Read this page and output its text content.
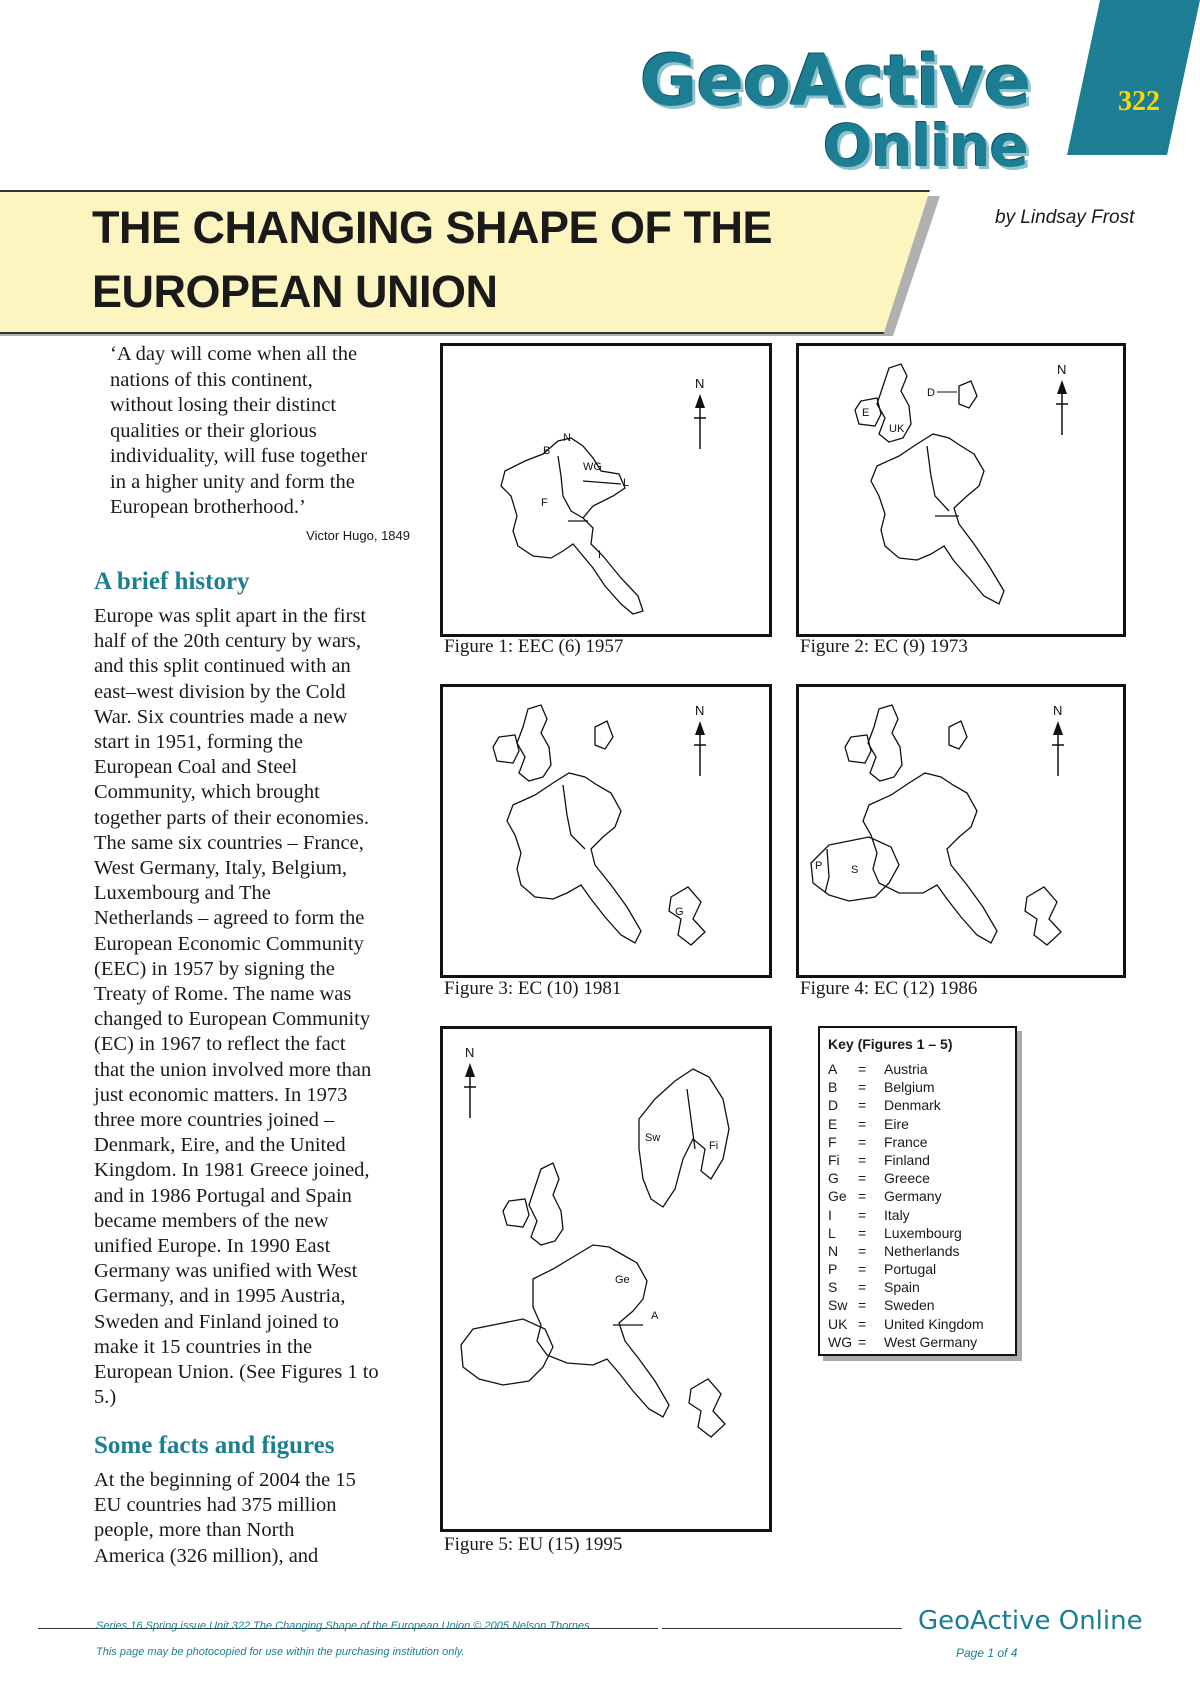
322
GeoActive
Online
THE CHANGING SHAPE OF THE
EUROPEAN UNION
by Lindsay Frost
‘A day will come when all the
nations of this continent,
without losing their distinct
qualities or their glorious
individuality, will fuse together
in a higher unity and form the
European brotherhood.’
Victor Hugo, 1849
A brief history
Europe was split apart in the first
half of the 20th century by wars,
and this split continued with an
east–west division by the Cold
War. Six countries made a new
start in 1951, forming the
European Coal and Steel
Community, which brought
together parts of their economies.
The same six countries – France,
West Germany, Italy, Belgium,
Luxembourg and The
Netherlands – agreed to form the
European Economic Community
(EEC) in 1957 by signing the
Treaty of Rome. The name was
changed to European Community
(EC) in 1967 to reflect the fact
that the union involved more than
just economic matters. In 1973
three more countries joined –
Denmark, Eire, and the United
Kingdom. In 1981 Greece joined,
and in 1986 Portugal and Spain
became members of the new
unified Europe. In 1990 East
Germany was unified with West
Germany, and in 1995 Austria,
Sweden and Finland joined to
make it 15 countries in the
European Union. (See Figures 1 to
5.)
Some facts and figures
At the beginning of 2004 the 15
EU countries had 375 million
people, more than North
America (326 million), and
N
B
WG
L
F
I
N
Figure 1: EEC (6) 1957
D
E
UK
N
Figure 2: EC (9) 1973
G
N
Figure 3: EC (10) 1981
P	S
N
Figure 4: EC (12) 1986
Sw
Fi
Ge
A
N
Figure 5: EU (15) 1995
Key (Figures 1 – 5)
A = Austria
B = Belgium
D = Denmark
E = Eire
F = France
Fi = Finland
G = Greece
Ge = Germany
I = Italy
L = Luxembourg
N = Netherlands
P = Portugal
S = Spain
Sw = Sweden
UK = United Kingdom
WG = West Germany
Series 16 Spring issue Unit 322 The Changing Shape of the European Union © 2005 Nelson Thornes
This page may be photocopied for use within the purchasing institution only.
GeoActive Online
Page 1 of 4
